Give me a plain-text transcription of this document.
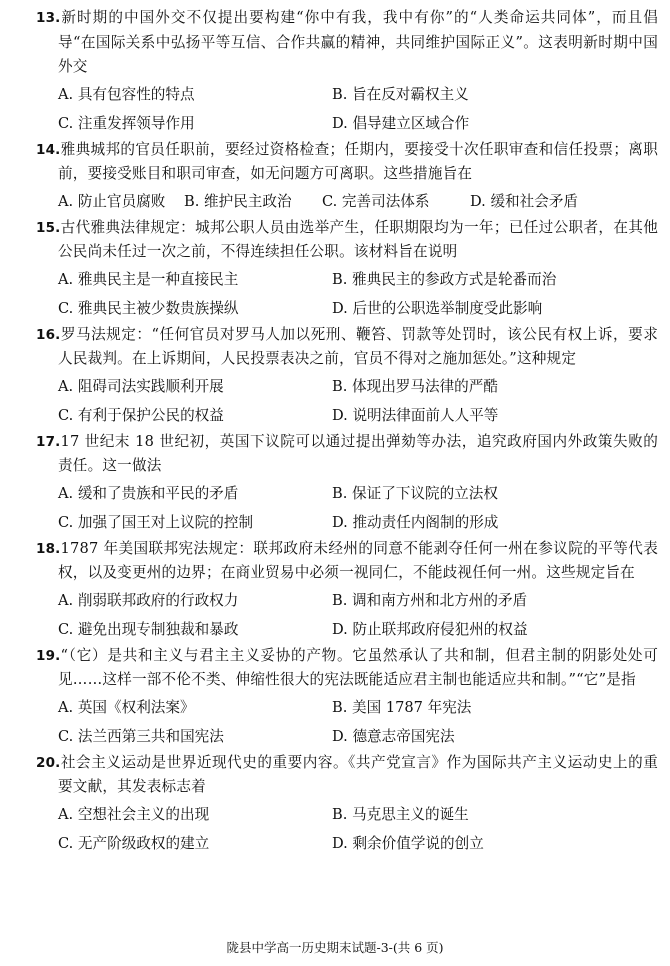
13.新时期的中国外交不仅提出要构建“你中有我，我中有你”的“人类命运共同体”，而且倡导“在国际关系中弘扬平等互信、合作共赢的精神，共同维护国际正义”。这表明新时期中国外交

A. 具有包容性的特点	B. 旨在反对霸权主义
C. 注重发挥领导作用	D. 倡导建立区域合作

14.雅典城邦的官员任职前，要经过资格检查；任期内，要接受十次任职审查和信任投票；离职前，要接受账目和职司审查，如无问题方可离职。这些措施旨在

A. 防止官员腐败	B. 维护民主政治	C. 完善司法体系	D. 缓和社会矛盾

15.古代雅典法律规定：城邦公职人员由选举产生，任职期限均为一年；已任过公职者，在其他公民尚未任过一次之前，不得连续担任公职。该材料旨在说明

A. 雅典民主是一种直接民主	B. 雅典民主的参政方式是轮番而治
C. 雅典民主被少数贵族操纵	D. 后世的公职选举制度受此影响

16.罗马法规定：“任何官员对罗马人加以死刑、鞭笞、罚款等处罚时，该公民有权上诉，要求人民裁判。在上诉期间，人民投票表决之前，官员不得对之施加惩处。”这种规定

A. 阻碍司法实践顺利开展	B. 体现出罗马法律的严酷
C. 有利于保护公民的权益	D. 说明法律面前人人平等

17.17 世纪末 18 世纪初，英国下议院可以通过提出弹劾等办法，追究政府国内外政策失败的责任。这一做法

A. 缓和了贵族和平民的矛盾	B. 保证了下议院的立法权
C. 加强了国王对上议院的控制	D. 推动责任内阁制的形成

18.1787 年美国联邦宪法规定：联邦政府未经州的同意不能剥夺任何一州在参议院的平等代表权，以及变更州的边界；在商业贸易中必须一视同仁，不能歧视任何一州。这些规定旨在

A. 削弱联邦政府的行政权力	B. 调和南方州和北方州的矛盾
C. 避免出现专制独裁和暴政	D. 防止联邦政府侵犯州的权益

19.“（它）是共和主义与君主主义妥协的产物。它虽然承认了共和制，但君主制的阴影处处可见……这样一部不伦不类、伸缩性很大的宪法既能适应君主制也能适应共和制。”“它”是指

A. 英国《权利法案》	B. 美国 1787 年宪法
C. 法兰西第三共和国宪法	D. 德意志帝国宪法

20.社会主义运动是世界近现代史的重要内容。《共产党宣言》作为国际共产主义运动史上的重要文献，其发表标志着

A. 空想社会主义的出现	B. 马克思主义的诞生
C. 无产阶级政权的建立	D. 剩余价值学说的创立
陇县中学高一历史期末试题-3-(共 6 页)
